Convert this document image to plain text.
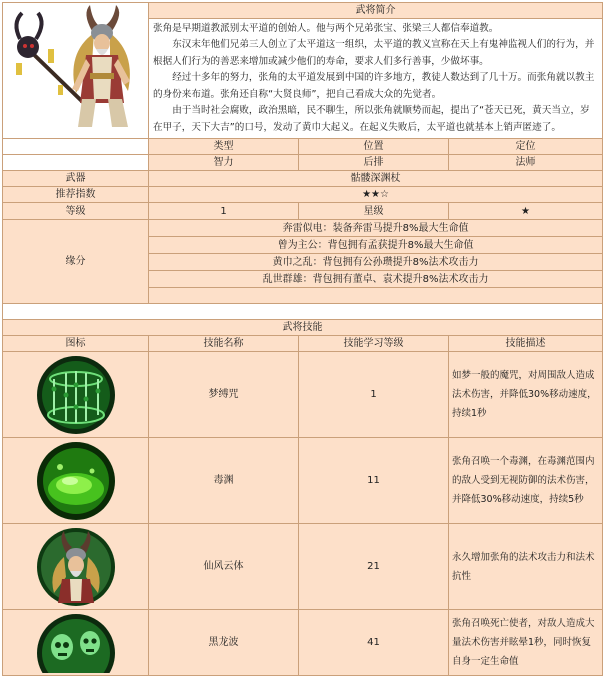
	武将简介		

	张角是早期道教派别太平道的创始人。他与两个兄弟张宝、张梁三人都信奉道教。

东汉末年他们兄弟三人创立了太平道这一组织，太平道的教义宣称在天上有鬼神监视人们的行为，并根据人们行为的善恶来增加或减少他们的寿命，要求人们多行善事，少做坏事。

经过十多年的努力，张角的太平道发展到中国的许多地方，教徒人数达到了几十万。而张角就以教主的身份来布道。张角还自称“大贤良师”，把自己看成大众的先觉者。

由于当时社会腐败，政治黑暗，民不聊生，所以张角就顺势而起，提出了“苍天已死，黄天当立，岁在甲子，天下大吉”的口号，发动了黄巾大起义。在起义失败后，太平道也就基本上销声匿迹了。		

	类型	位置	定位
	智力	后排	法师
武器	骷髅深渊杖		
推荐指数	★★☆		
等级	1	星级	★
缘分	奔雷似电：装备奔雷马提升8%最大生命值		
	曾为主公：背包拥有孟获提升8%最大生命值		
	黄巾之乱：背包拥有公孙瓒提升8%法术攻击力		
	乱世群雄：背包拥有董卓、袁术提升8%法术攻击力		

武将技能			
图标	技能名称	技能学习等级	技能描述

	梦缚咒	1	如梦一般的魔咒，对周围敌人造成法术伤害，并降低30%移动速度，持续1秒

	毒渊	11	张角召唤一个毒渊，在毒渊范围内的敌人受到无视防御的法术伤害，并降低30%移动速度，持续5秒

	仙风云体	21	永久增加张角的法术攻击力和法术抗性

	黑龙波	41	张角召唤死亡使者，对敌人造成大量法术伤害并眩晕1秒，同时恢复自身一定生命值
